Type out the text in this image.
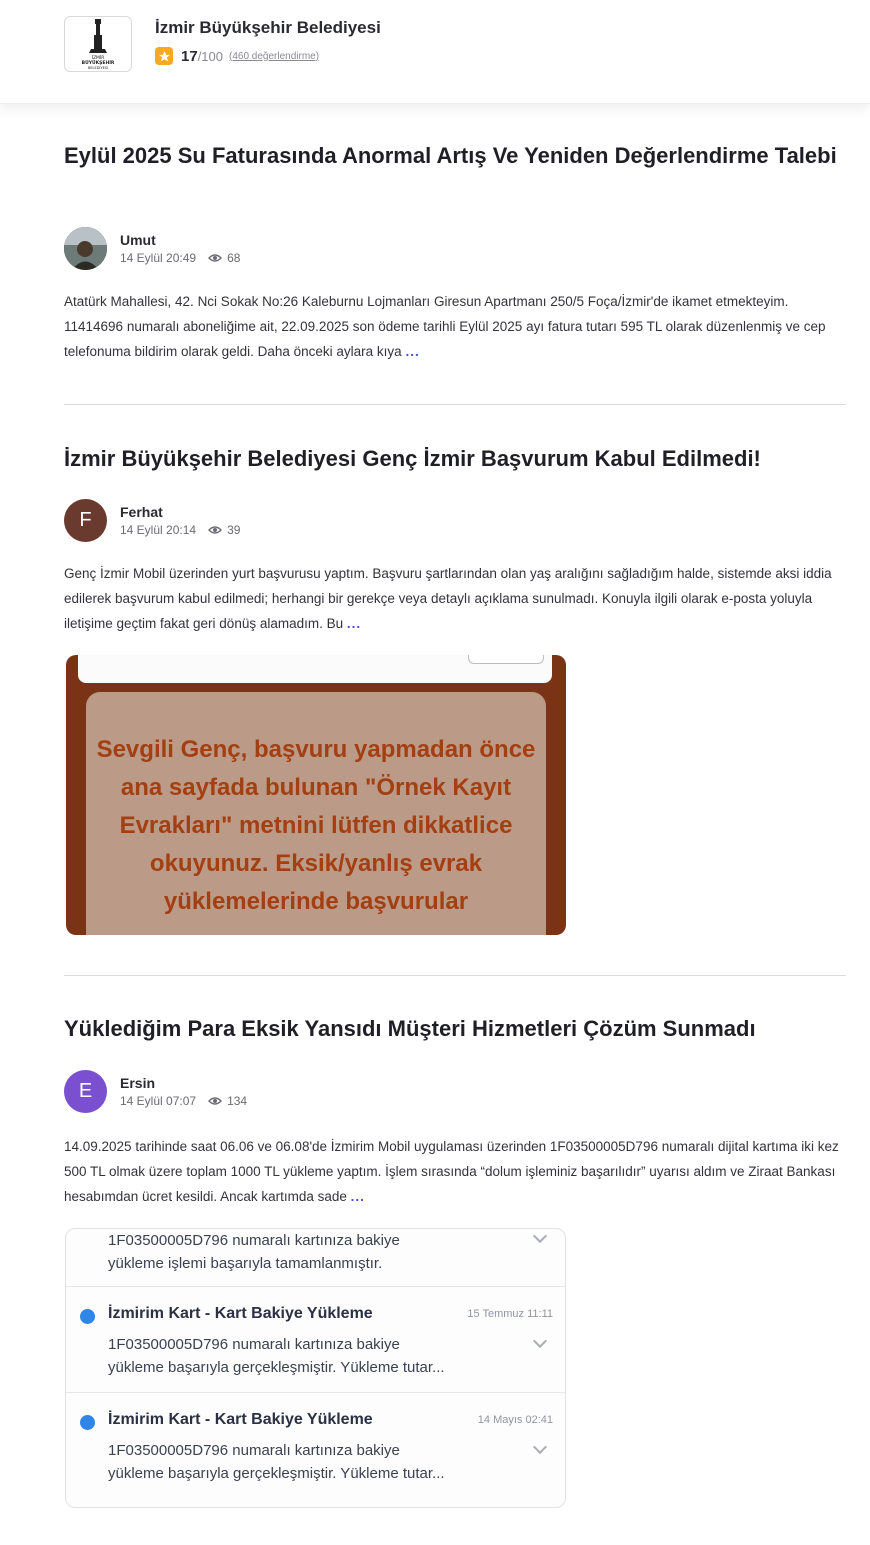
İZMİR
BÜYÜKŞEHİR
BELEDİYESİ
İzmir Büyükşehir Belediyesi
17 /100 (460 değerlendirme)
Eylül 2025 Su Faturasında Anormal Artış Ve Yeniden Değerlendirme Talebi
Umut
14 Eylül 20:49	68

Atatürk Mahallesi, 42. Nci Sokak No:26 Kaleburnu Lojmanları Giresun Apartmanı 250/5 Foça/İzmir'de ikamet etmekteyim. 11414696 numaralı aboneliğime ait, 22.09.2025 son ödeme tarihli Eylül 2025 ayı fatura tutarı 595 TL olarak düzenlenmiş ve cep telefonuma bildirim olarak geldi. Daha önceki aylara kıya ...

İzmir Büyükşehir Belediyesi Genç İzmir Başvurum Kabul Edilmedi!
F	Ferhat
14 Eylül 20:14	39

Genç İzmir Mobil üzerinden yurt başvurusu yaptım. Başvuru şartlarından olan yaş aralığını sağladığım halde, sistemde aksi iddia edilerek başvurum kabul edilmedi; herhangi bir gerekçe veya detaylı açıklama sunulmadı. Konuyla ilgili olarak e-posta yoluyla iletişime geçtim fakat geri dönüş alamadım. Bu ...

Sevgili Genç, başvuru yapmadan önce ana sayfada bulunan "Örnek Kayıt Evrakları" metnini lütfen dikkatlice okuyunuz. Eksik/yanlış evrak yüklemelerinde başvurular
Yüklediğim Para Eksik Yansıdı Müşteri Hizmetleri Çözüm Sunmadı
E	Ersin
14 Eylül 07:07	134

14.09.2025 tarihinde saat 06.06 ve 06.08'de İzmirim Mobil uygulaması üzerinden 1F03500005D796 numaralı dijital kartıma iki kez 500 TL olmak üzere toplam 1000 TL yükleme yaptım. İşlem sırasında “dolum işleminiz başarılıdır” uyarısı aldım ve Ziraat Bankası hesabımdan ücret kesildi. Ancak kartımda sade ...

1F03500005D796 numaralı kartınıza bakiye
yükleme işlemi başarıyla tamamlanmıştır.
İzmirim Kart - Kart Bakiye Yükleme	15 Temmuz 11:11
1F03500005D796 numaralı kartınıza bakiye
yükleme başarıyla gerçekleşmiştir. Yükleme tutar...
İzmirim Kart - Kart Bakiye Yükleme	14 Mayıs 02:41
1F03500005D796 numaralı kartınıza bakiye
yükleme başarıyla gerçekleşmiştir. Yükleme tutar...
